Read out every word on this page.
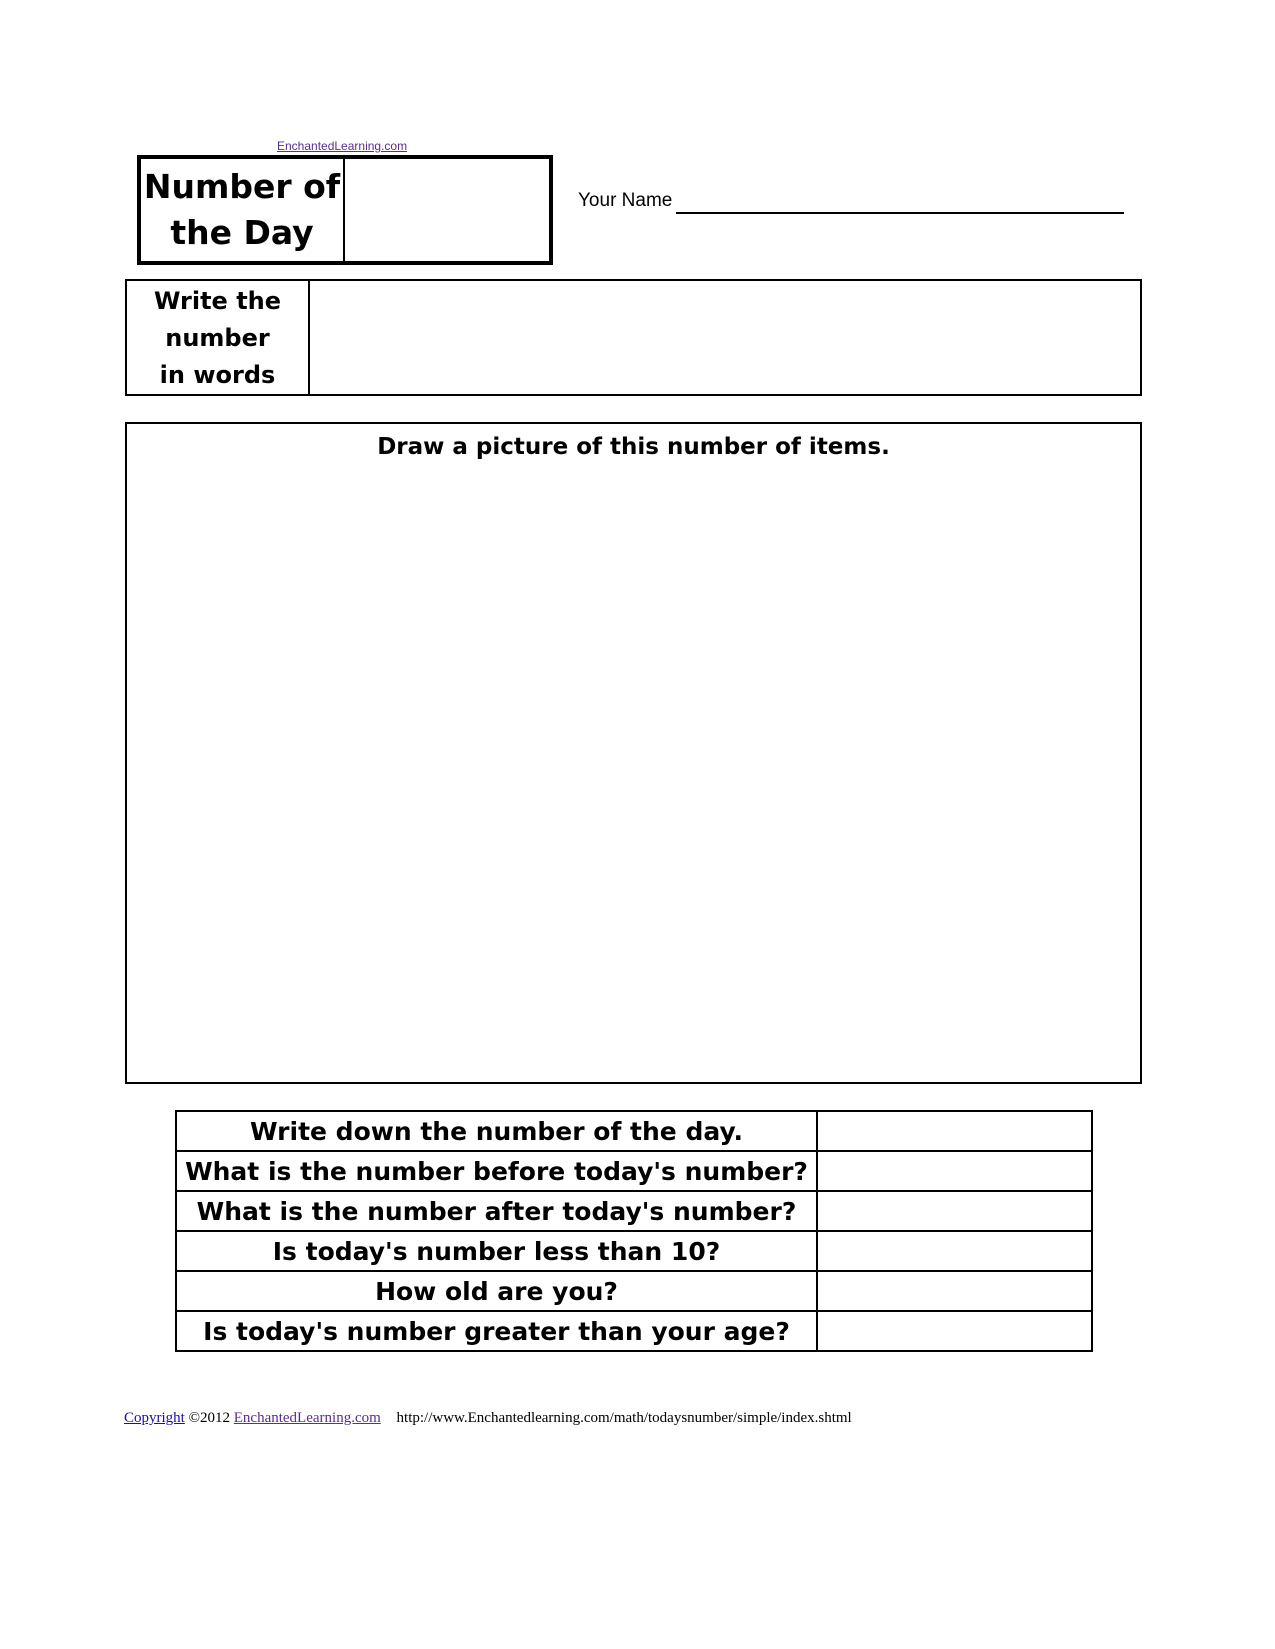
EnchantedLearning.com
Number of
the Day
Your Name
Write the
number
in words
Draw a picture of this number of items.
Write down the number of the day.	
What is the number before today's number?	
What is the number after today's number?	
Is today's number less than 10?	
How old are you?	
Is today's number greater than your age?	
Copyright ©2012 EnchantedLearning.com http://www.Enchantedlearning.com/math/todaysnumber/simple/index.shtml
